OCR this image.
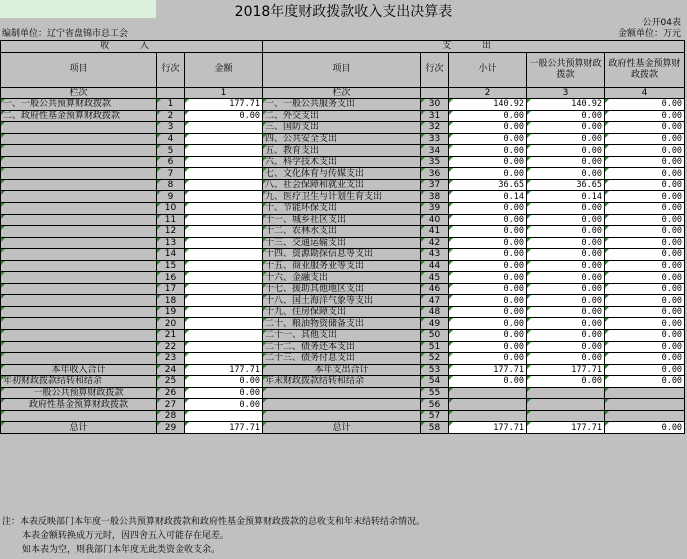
2018年度财政拨款收入支出决算表
公开04表
编制单位：辽宁省盘锦市总工会	金额单位：万元
收 入			支 出				
项目	行次	金额	项目	行次	小计	一般公共预算财政拨款	政府性基金预算财政拨款
栏次		1	栏次		2	3	4
一、一般公共预算财政拨款	1	177.71	一、一般公共服务支出	30	140.92	140.92	0.00
二、政府性基金预算财政拨款	2	0.00	二、外交支出	31	0.00	0.00	0.00
	3		三、国防支出	32	0.00	0.00	0.00
	4		四、公共安全支出	33	0.00	0.00	0.00
	5		五、教育支出	34	0.00	0.00	0.00
	6		六、科学技术支出	35	0.00	0.00	0.00
	7		七、文化体育与传媒支出	36	0.00	0.00	0.00
	8		八、社会保障和就业支出	37	36.65	36.65	0.00
	9		九、医疗卫生与计划生育支出	38	0.14	0.14	0.00
	10		十、节能环保支出	39	0.00	0.00	0.00
	11		十一、城乡社区支出	40	0.00	0.00	0.00
	12		十二、农林水支出	41	0.00	0.00	0.00
	13		十三、交通运输支出	42	0.00	0.00	0.00
	14		十四、资源勘探信息等支出	43	0.00	0.00	0.00
	15		十五、商业服务业等支出	44	0.00	0.00	0.00
	16		十六、金融支出	45	0.00	0.00	0.00
	17		十七、援助其他地区支出	46	0.00	0.00	0.00
	18		十八、国土海洋气象等支出	47	0.00	0.00	0.00
	19		十九、住房保障支出	48	0.00	0.00	0.00
	20		二十、粮油物资储备支出	49	0.00	0.00	0.00
	21		二十一、其他支出	50	0.00	0.00	0.00
	22		二十二、债务还本支出	51	0.00	0.00	0.00
	23		二十三、债务付息支出	52	0.00	0.00	0.00
本年收入合计	24	177.71	本年支出合计	53	177.71	177.71	0.00
年初财政拨款结转和结余	25	0.00	年末财政拨款结转和结余	54	0.00	0.00	0.00
一般公共预算财政拨款	26	0.00		55			
政府性基金预算财政拨款	27	0.00		56			
	28			57			
总计	29	177.71	总计	58	177.71	177.71	0.00
注：本表反映部门本年度一般公共预算财政拨款和政府性基金预算财政拨款的总收支和年末结转结余情况。
本表金额转换成万元时，因四舍五入可能存在尾差。
如本表为空，则我部门本年度无此类资金收支余。
